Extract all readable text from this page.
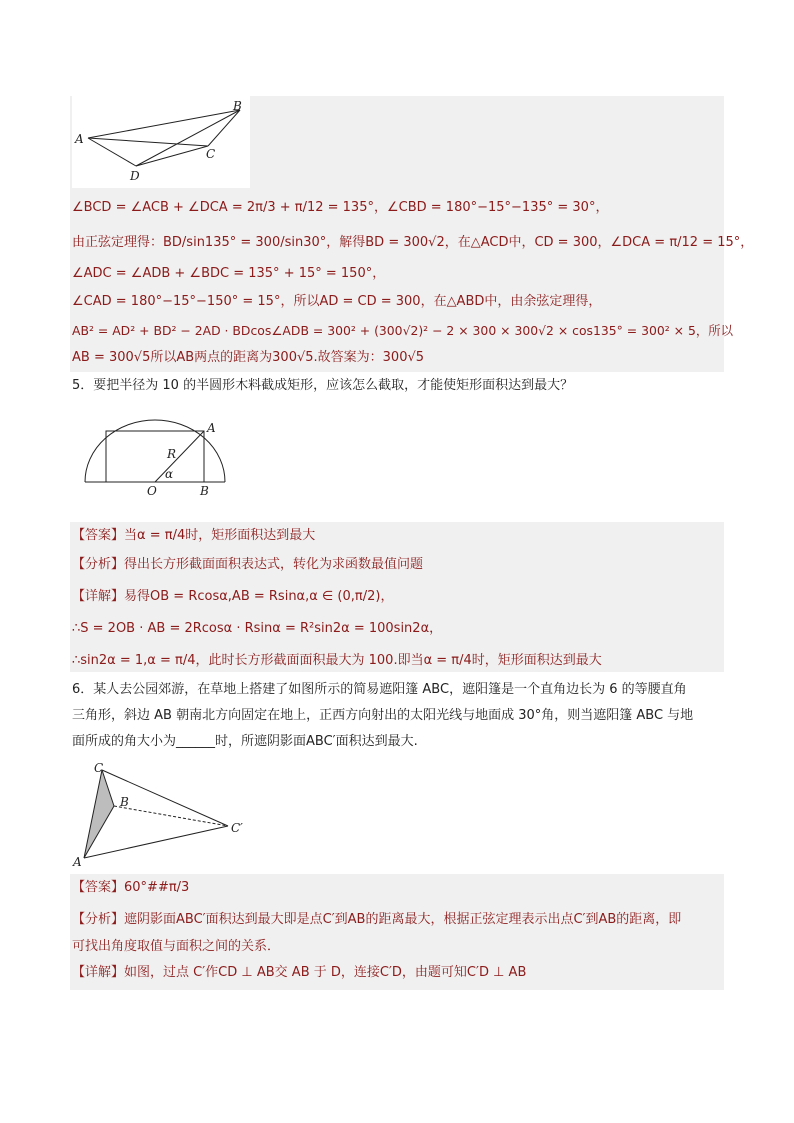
A
B
C
D
∠BCD = ∠ACB + ∠DCA = 2π/3 + π/12 = 135°，∠CBD = 180°−15°−135° = 30°，
由正弦定理得：BD/sin135° = 300/sin30°，解得BD = 300√2，在△ACD中，CD = 300，∠DCA = π/12 = 15°，
∠ADC = ∠ADB + ∠BDC = 135° + 15° = 150°，
∠CAD = 180°−15°−150° = 15°，所以AD = CD = 300，在△ABD中，由余弦定理得，
AB² = AD² + BD² − 2AD · BDcos∠ADB = 300² + (300√2)² − 2 × 300 × 300√2 × cos135° = 300² × 5，所以
AB = 300√5所以AB两点的距离为300√5.故答案为：300√5
5．要把半径为 10 的半圆形木料截成矩形，应该怎么截取，才能使矩形面积达到最大？
A
R
α
O	B
【答案】当α = π/4时，矩形面积达到最大
【分析】得出长方形截面面积表达式，转化为求函数最值问题
【详解】易得OB = Rcosα,AB = Rsinα,α ∈ (0,π/2)，
∴S = 2OB · AB = 2Rcosα · Rsinα = R²sin2α = 100sin2α，
∴sin2α = 1,α = π/4，此时长方形截面面积最大为 100.即当α = π/4时，矩形面积达到最大
6．某人去公园郊游，在草地上搭建了如图所示的简易遮阳篷 ABC，遮阳篷是一个直角边长为 6 的等腰直角
三角形，斜边 AB 朝南北方向固定在地上，正西方向射出的太阳光线与地面成 30°角，则当遮阳篷 ABC 与地
面所成的角大小为______时，所遮阴影面ABC′面积达到最大.
C
B
C′
A
【答案】60°##π/3
【分析】遮阴影面ABC′面积达到最大即是点C′到AB的距离最大，根据正弦定理表示出点C′到AB的距离，即
可找出角度取值与面积之间的关系．
【详解】如图，过点 C′作CD ⊥ AB交 AB 于 D，连接C′D，由题可知C′D ⊥ AB
